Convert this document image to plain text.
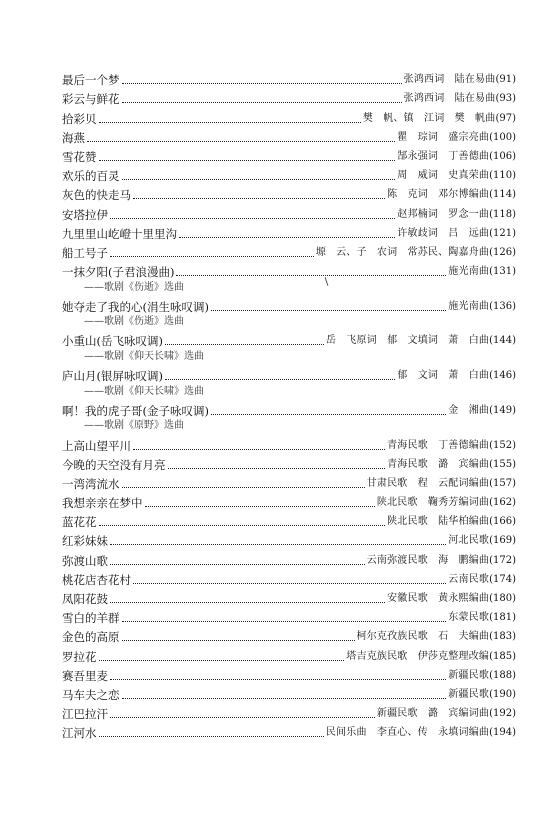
最后一个梦	张鸿西词　陆在易曲 (91)
彩云与鲜花	张鸿西词　陆在易曲 (93)
拾彩贝	樊　帆、镇　江词　樊　帆曲 (97)
海燕	瞿　琮词　盛宗亮曲 (100)
雪花赞	郜永强词　丁善德曲 (106)
欢乐的百灵	周　威词　史真荣曲 (110)
灰色的快走马	陈　克词　邓尔博编曲 (114)
安塔拉伊	赵邦楠词　罗念一曲 (118)
九里里山屹嶝十里里沟	许敏歧词　吕　远曲 (121)
船工号子	塬　云、子　农词　常苏民、陶嘉舟曲 (126)
一抹夕阳(子君浪漫曲)	施光南曲 (131)
——歌剧《伤逝》选曲
她夺走了我的心(涓生咏叹调)	施光南曲 (136)
——歌剧《伤逝》选曲
小重山(岳飞咏叹调)	岳　飞原词　郁　文填词　萧　白曲 (144)
——歌剧《仰天长啸》选曲
庐山月(银屏咏叹调)	郁　文词　萧　白曲 (146)
——歌剧《仰天长啸》选曲
啊！我的虎子哥(金子咏叹调)	金　湘曲 (149)
——歌剧《原野》选曲
上高山望平川	青海民歌　丁善德编曲 (152)
今晚的天空没有月亮	青海民歌　潞　宾编曲 (155)
一湾湾流水	甘肃民歌　程　云配词编曲 (157)
我想亲亲在梦中	陕北民歌　鞠秀芳编词曲 (162)
蓝花花	陕北民歌　陆华柏编曲 (166)
红彩妹妹	河北民歌 (169)
弥渡山歌	云南弥渡民歌　海　鹏编曲 (172)
桃花店杏花村	云南民歌 (174)
凤阳花鼓	安徽民歌　黄永熙编曲 (180)
雪白的羊群	东蒙民歌 (181)
金色的高原	柯尔克孜族民歌　石　夫编曲 (183)
罗拉花	塔吉克族民歌　伊莎克整理改编 (185)
赛吾里麦	新疆民歌 (188)
马车夫之恋	新疆民歌 (190)
江巴拉汗	新疆民歌　潞　宾编词曲 (192)
江河水	民间乐曲　李直心、传　永填词编曲 (194)
